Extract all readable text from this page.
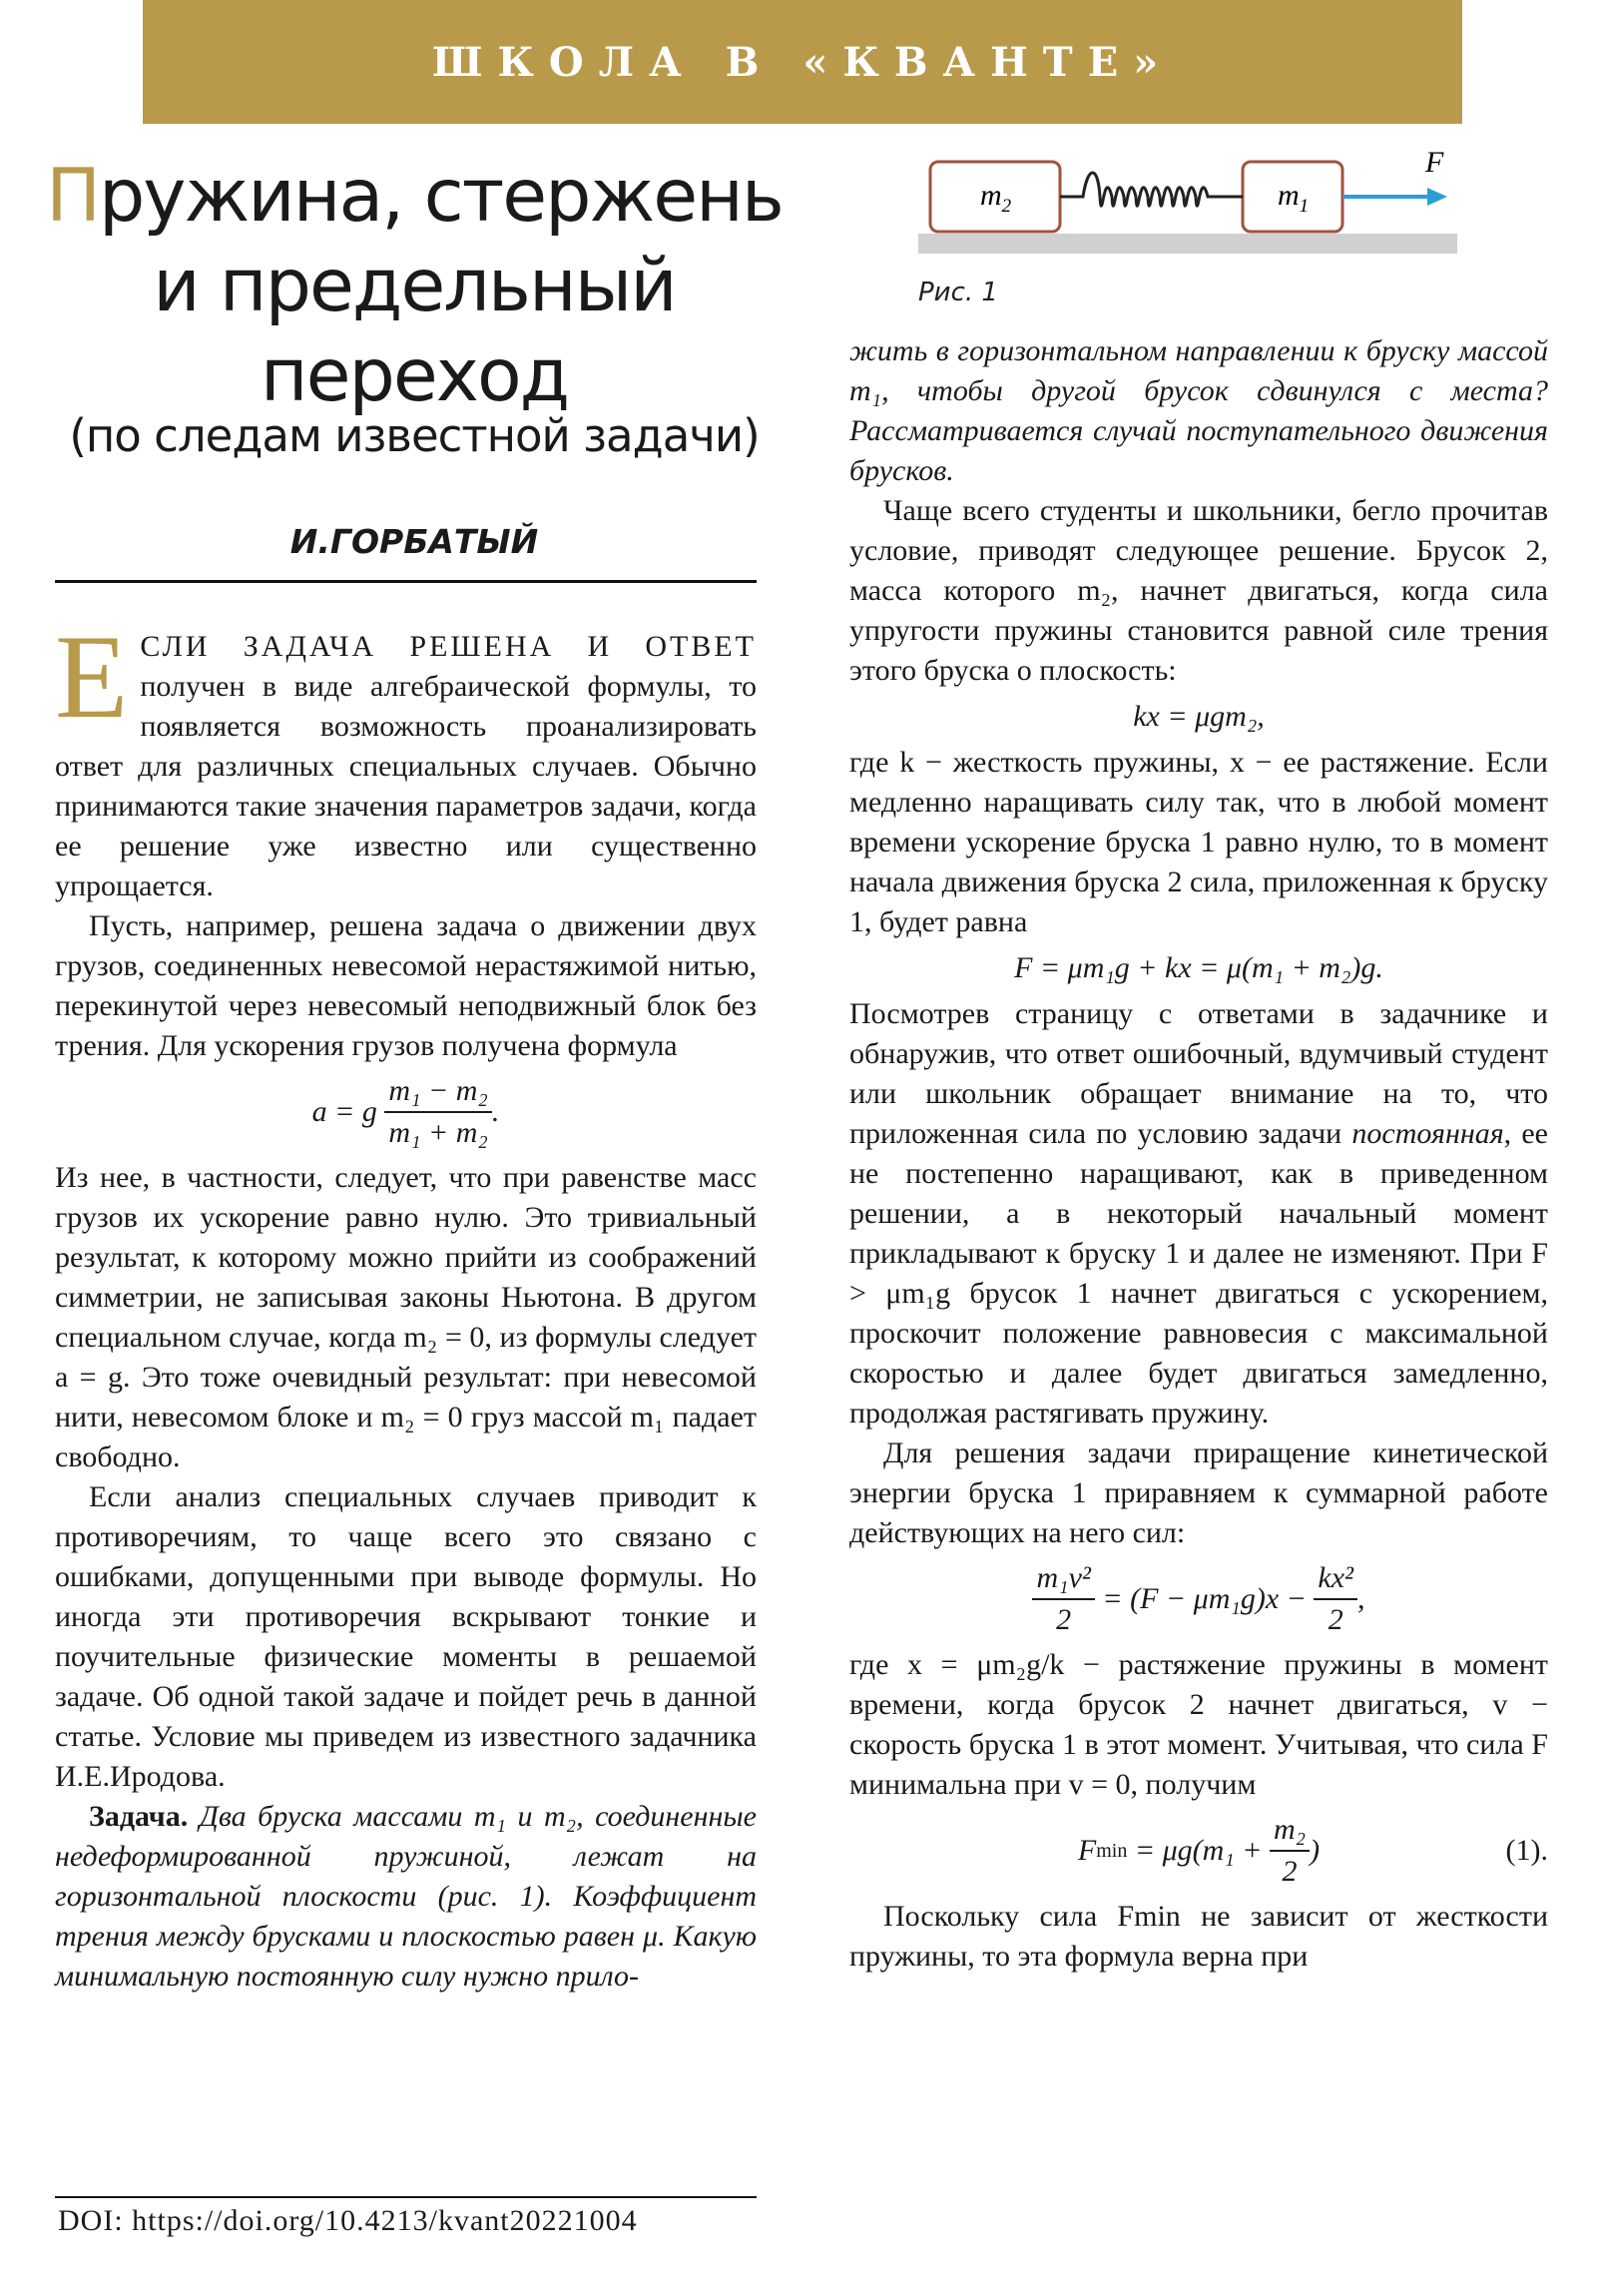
ШКОЛА В «КВАНТЕ»
Пружина, стержень
и предельный
переход
(по следам известной задачи)
И.ГОРБАТЫЙ
$m_2$	$m_1$
F
Рис. 1

ЕСЛИ ЗАДАЧА РЕШЕНА И ОТВЕТ получен в виде алгебраической формулы, то появляется возможность проанализировать ответ для различных специальных случаев. Обычно принимаются такие значения параметров задачи, когда ее решение уже известно или существенно упрощается.

Пусть, например, решена задача о движении двух грузов, соединенных невесомой нерастяжимой нитью, перекинутой через невесомый неподвижный блок без трения. Для ускорения грузов получена формула

a = g
$\frac{\text{m₁ − m₂}}{\text{m₁ + m₂}}$ .

Из нее, в частности, следует, что при равенстве масс грузов их ускорение равно нулю. Это тривиальный результат, к которому можно прийти из соображений симметрии, не записывая законы Ньютона. В другом специальном случае, когда m₂ = 0, из формулы следует a = g. Это тоже очевидный результат: при невесомой нити, невесомом блоке и m₂ = 0 груз массой m₁ падает свободно.

Если анализ специальных случаев приводит к противоречиям, то чаще всего это связано с ошибками, допущенными при выводе формулы. Но иногда эти противоречия вскрывают тонкие и поучительные физические моменты в решаемой задаче. Об одной такой задаче и пойдет речь в данной статье. Условие мы приведем из известного задачника И.Е.Иродова.

Задача. Два бруска массами m₁ и m₂, соединенные недеформированной пружиной, лежат на горизонтальной плоскости (рис. 1). Коэффициент трения между брусками и плоскостью равен μ. Какую минимальную постоянную силу нужно прило-

жить в горизонтальном направлении к бруску массой m₁, чтобы другой брусок сдвинулся с места? Рассматривается случай поступательного движения брусков.

Чаще всего студенты и школьники, бегло прочитав условие, приводят следующее решение. Брусок 2, масса которого m₂, начнет двигаться, когда сила упругости пружины становится равной силе трения этого бруска о плоскость:

kx = μgm₂,

где k − жесткость пружины, x − ее растяжение. Если медленно наращивать силу так, что в любой момент времени ускорение бруска 1 равно нулю, то в момент начала движения бруска 2 сила, приложенная к бруску 1, будет равна

F = μm₁g + kx = μ(m₁ + m₂)g.

Посмотрев страницу с ответами в задачнике и обнаружив, что ответ ошибочный, вдумчивый студент или школьник обращает внимание на то, что приложенная сила по условию задачи постоянная, ее не постепенно наращивают, как в приведенном решении, а в некоторый начальный момент прикладывают к бруску 1 и далее не изменяют. При F > μm₁g брусок 1 начнет двигаться с ускорением, проскочит положение равновесия с максимальной скоростью и далее будет двигаться замедленно, продолжая растягивать пружину.

Для решения задачи приращение кинетической энергии бруска 1 приравняем к суммарной работе действующих на него сил:

$\frac{\text{m₁v²}}{2}$
= (F − μm₁g)x −
$\frac{\text{kx²}}{2}$ ,

где x = μm₂g/k − растяжение пружины в момент времени, когда брусок 2 начнет двигаться, v − скорость бруска 1 в этот момент. Учитывая, что сила F минимальна при v = 0, получим

F min
= μg(m₁ +
$\frac{\text{m₂}}{2}$ )	(1).

Поскольку сила Fmin не зависит от жесткости пружины, то эта формула верна при

DOI: https://doi.org/10.4213/kvant20221004
